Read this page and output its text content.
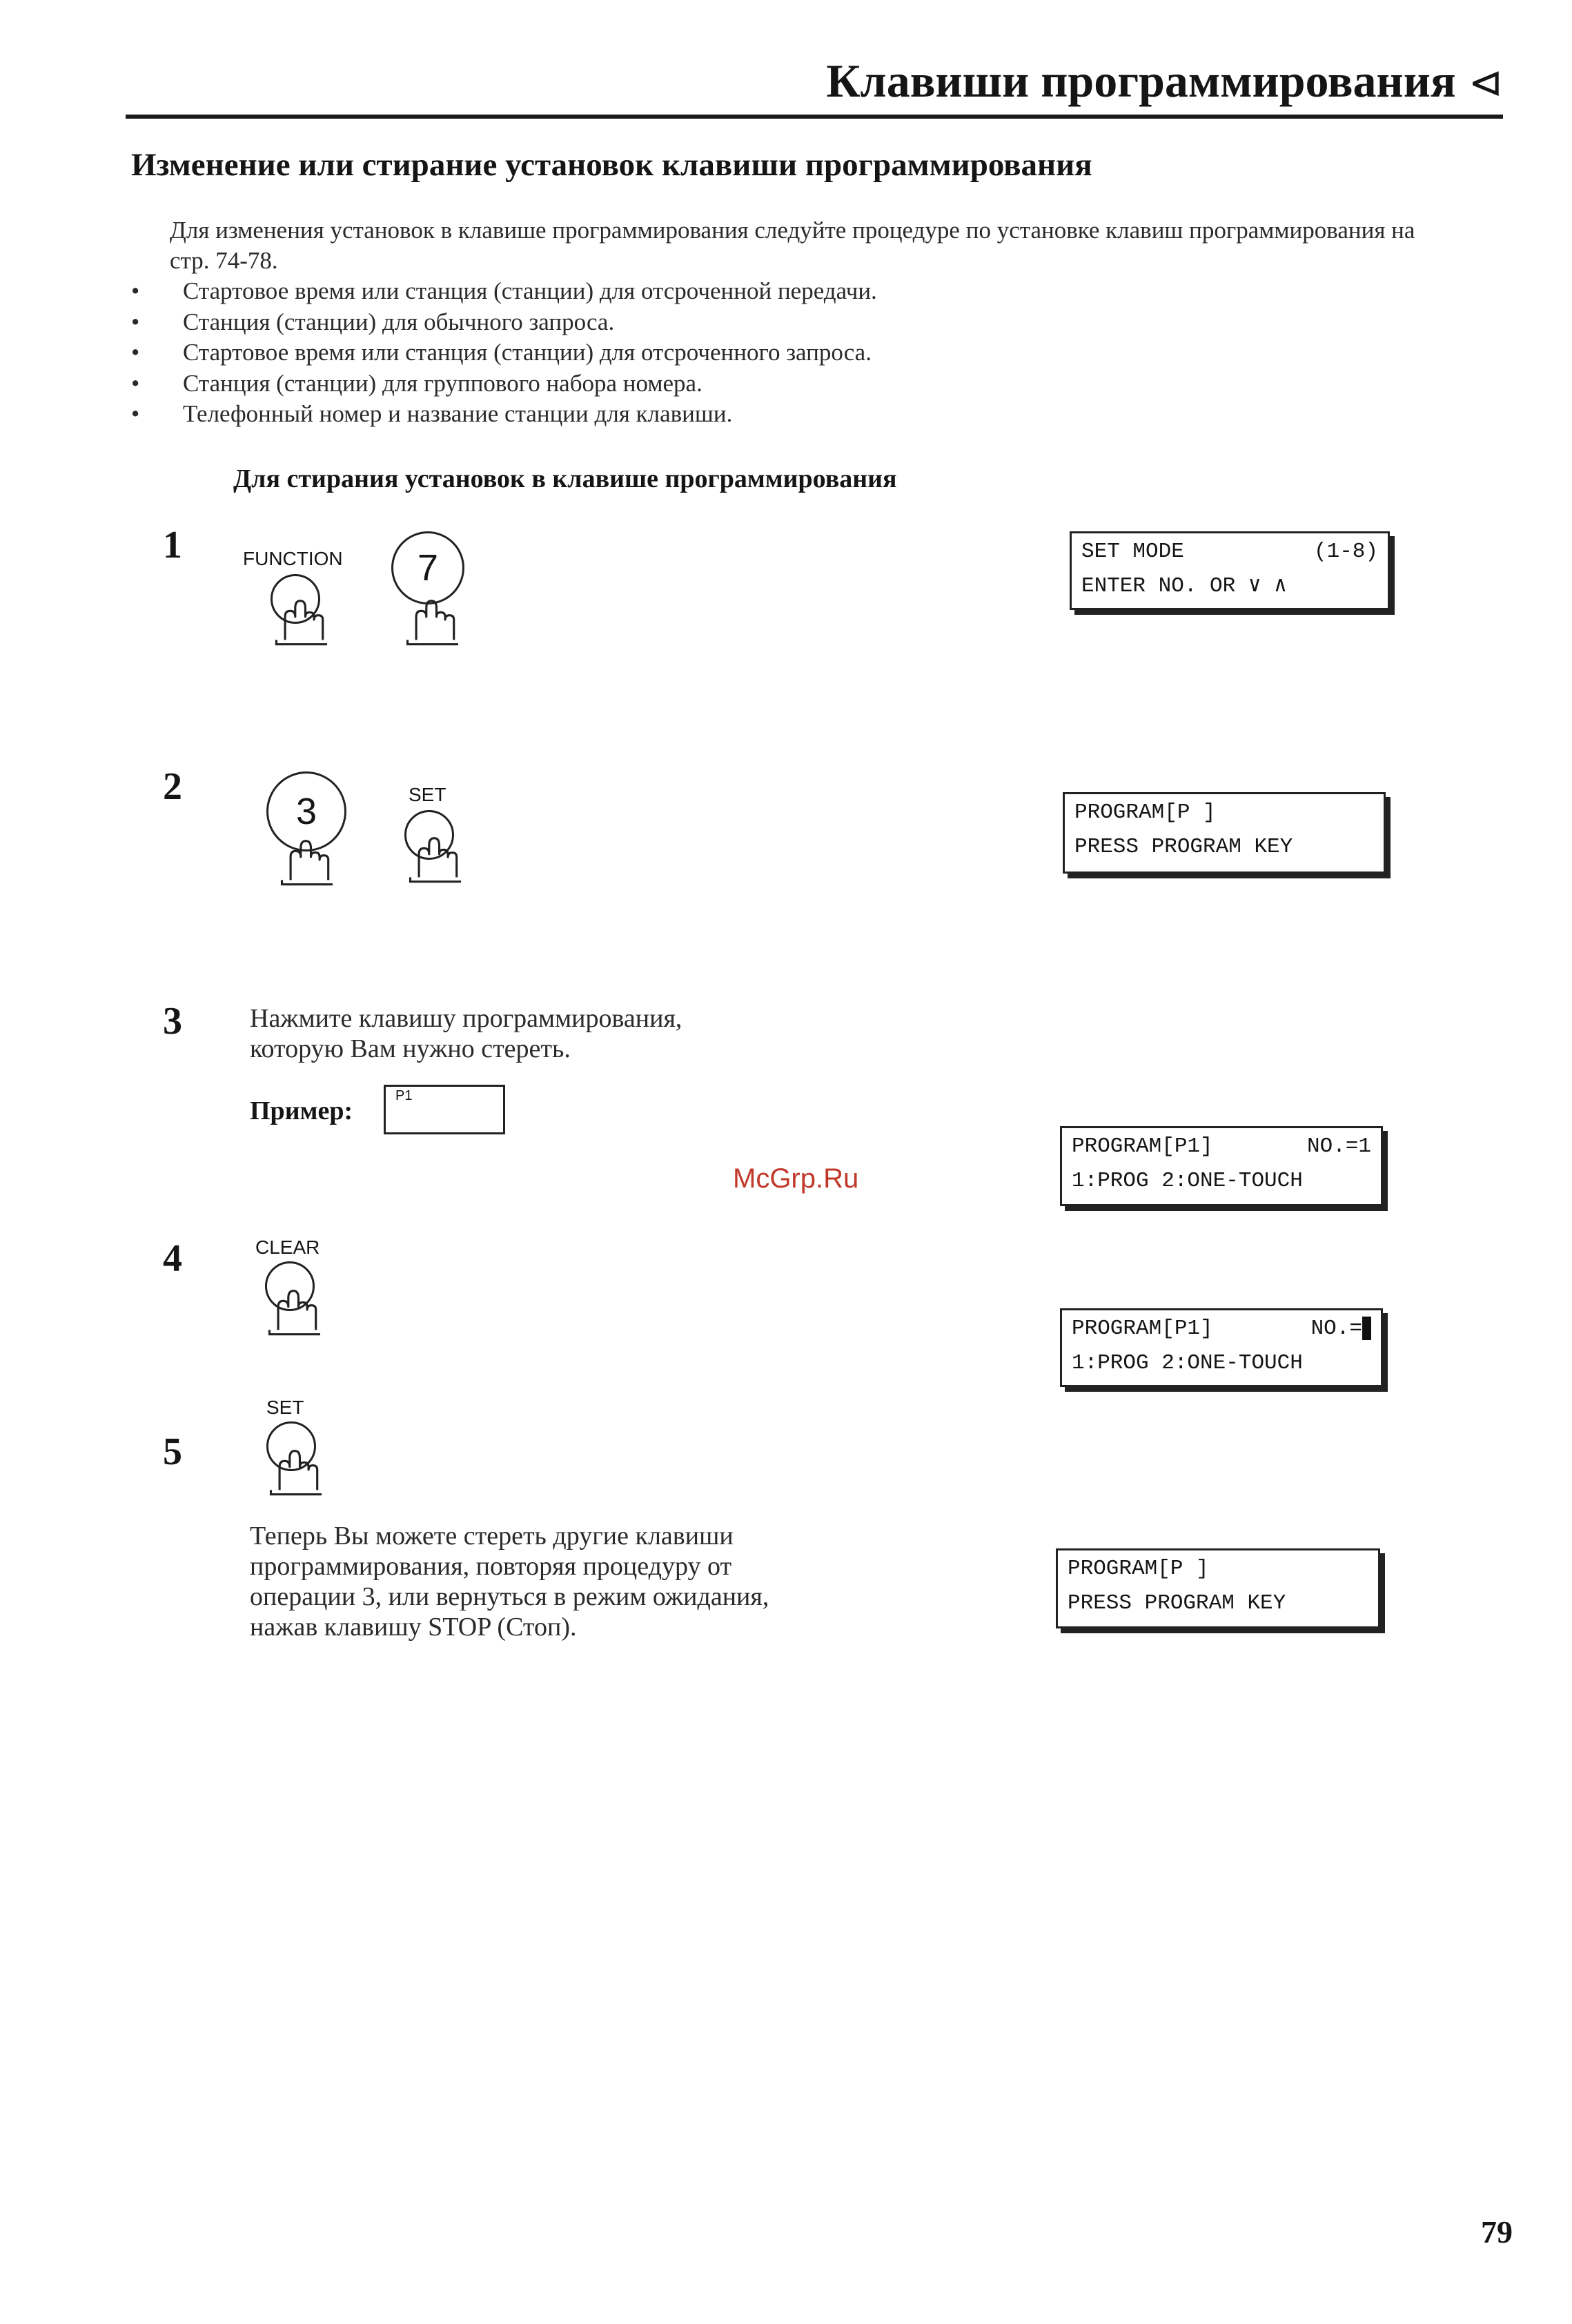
Клавиши программирования ⊲
Изменение или стирание установок клавиши программирования
Для изменения установок в клавише программирования следуйте процедуре по установке клавиш программирования на стр. 74-78.
• Стартовое время или станция (станции) для отсроченной передачи.
• Станция (станции) для обычного запроса.
• Стартовое время или станция (станции) для отсроченного запроса.
• Станция (станции) для группового набора номера.
• Телефонный номер и название станции для клавиши.
Для стирания установок в клавише программирования
1	FUNCTION	7	SET MODE	(1-8)
ENTER NO. OR ∨ ∧
2
3	SET
PROGRAM[P ]
PRESS PROGRAM KEY
3	Нажмите клавишу программирования, которую Вам нужно стереть.
Пример:
P1
PROGRAM[P1]	NO.=1
1:PROG 2:ONE-TOUCH
McGrp.Ru
4	CLEAR
PROGRAM[P1]	NO.=
1:PROG 2:ONE-TOUCH
5
SET
Теперь Вы можете стереть другие клавиши программирования, повторяя процедуру от операции 3, или вернуться в режим ожидания, нажав клавишу STOP (Стоп).
PROGRAM[P ]
PRESS PROGRAM KEY
79
